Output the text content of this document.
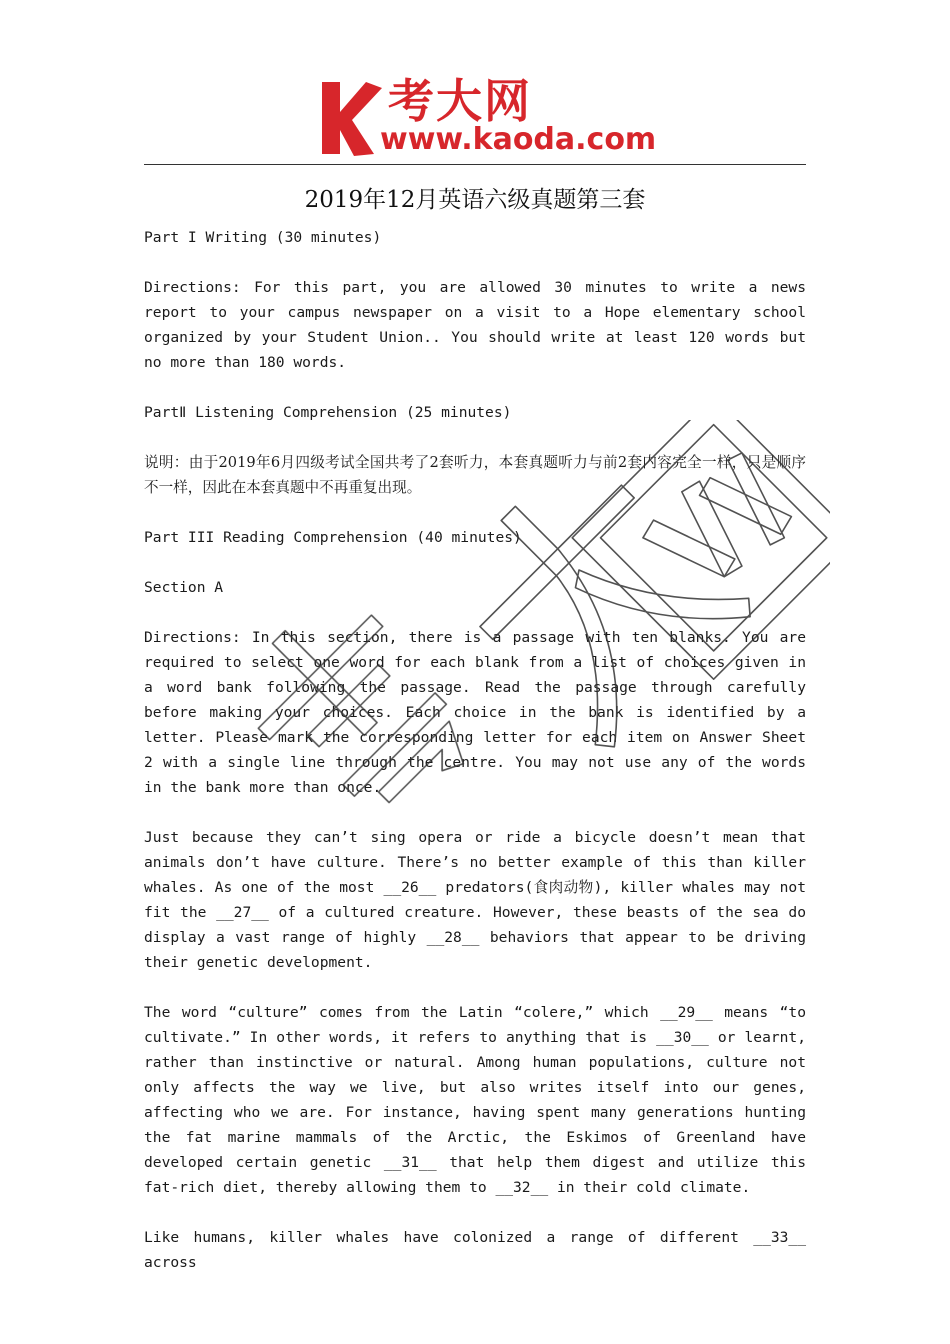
考大网
www.kaoda.com
2019年12月英语六级真题第三套

Part I Writing (30 minutes)

Directions: For this part, you are allowed 30 minutes to write a news report to your campus newspaper on a visit to a Hope elementary school organized by your Student Union.. You should write at least 120 words but no more than 180 words.

PartⅡ Listening Comprehension (25 minutes)

说明：由于2019年6月四级考试全国共考了2套听力，本套真题听力与前2套内容完全一样，只是顺序不一样，因此在本套真题中不再重复出现。

Part III Reading Comprehension (40 minutes)

Section A

Directions: In this section, there is a passage with ten blanks. You are required to select one word for each blank from a list of choices given in a word bank following the passage. Read the passage through carefully before making your choices. Each choice in the bank is identified by a letter. Please mark the corresponding letter for each item on Answer Sheet 2 with a single line through the centre. You may not use any of the words in the bank more than once.

Just because they can’t sing opera or ride a bicycle doesn’t mean that animals don’t have culture. There’s no better example of this than killer whales. As one of the most __26__ predators(食肉动物), killer whales may not fit the __27__ of a cultured creature. However, these beasts of the sea do display a vast range of highly __28__ behaviors that appear to be driving their genetic development.

The word “culture” comes from the Latin “colere,” which __29__ means “to cultivate.” In other words, it refers to anything that is __30__ or learnt, rather than instinctive or natural. Among human populations, culture not only affects the way we live, but also writes itself into our genes, affecting who we are. For instance, having spent many generations hunting the fat marine mammals of the Arctic, the Eskimos of Greenland have developed certain genetic __31__ that help them digest and utilize this fat-rich diet, thereby allowing them to __32__ in their cold climate.

Like humans, killer whales have colonized a range of different __33__ across
